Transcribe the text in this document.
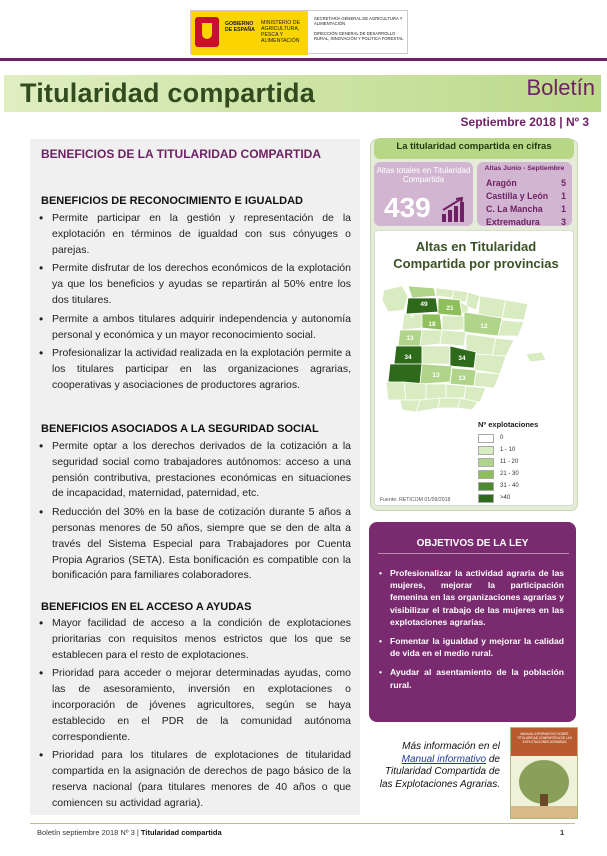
GOBIERNO DE ESPAÑA
MINISTERIO DE AGRICULTURA, PESCA Y ALIMENTACIÓN
SECRETARÍA GENERAL DE AGRICULTURA Y ALIMENTACIÓN
DIRECCIÓN GENERAL DE DESARROLLO RURAL, INNOVACIÓN Y POLÍTICA FORESTAL
Titularidad compartida	Boletín
Septiembre 2018 | Nº 3
BENEFICIOS DE LA TITULARIDAD COMPARTIDA
BENEFICIOS DE RECONOCIMIENTO E IGUALDAD
• Permite participar en la gestión y representación de la explotación en términos de igualdad con sus cónyuges o parejas.
• Permite disfrutar de los derechos económicos de la explotación ya que los beneficios y ayudas se repartirán al 50% entre los dos titulares.
• Permite a ambos titulares adquirir independencia y autonomía personal y económica y un mayor reconocimiento social.
• Profesionalizar la actividad realizada en la explotación permite a los titulares participar en las organizaciones agrarias, cooperativas y asociaciones de productores agrarios.
BENEFICIOS ASOCIADOS A LA SEGURIDAD SOCIAL
• Permite optar a los derechos derivados de la cotización a la seguridad social como trabajadores autónomos: acceso a una pensión contributiva, prestaciones económicas en situaciones de incapacidad, maternidad, paternidad, etc.
• Reducción del 30% en la base de cotización durante 5 años a personas menores de 50 años, siempre que se den de alta a través del Sistema Especial para Trabajadores por Cuenta Propia Agrarios (SETA). Esta bonificación es compatible con la bonificación para familiares colaboradores.
BENEFICIOS EN EL ACCESO A AYUDAS
• Mayor facilidad de acceso a la condición de explotaciones prioritarias con requisitos menos estrictos que los que se establecen para el resto de explotaciones.
• Prioridad para acceder o mejorar determinadas ayudas, como las de asesoramiento, inversión en explotaciones o incorporación de jóvenes agricultores, según se haya establecido en el PDR de la comunidad autónoma correspondiente.
• Prioridad para los titulares de explotaciones de titularidad compartida en la asignación de derechos de pago básico de la reserva nacional (para titulares menores de 40 años o que comiencen su actividad agraria).
La titularidad compartida en cifras
Altas totales en Titularidad Compartida
439
Altas Junio - Septiembre
Aragón	5
Castilla y León 1
C. La Mancha 1
Extremadura 3
Altas en Titularidad
Compartida por provincias
49
21
12
18
13
5
34	34
13	13
Nº explotaciones
0
1 - 10
11 - 20
21 - 30
31 - 40
>40
Fuente: RETICOM 01/09/2018
OBJETIVOS DE LA LEY
• Profesionalizar la actividad agraria de las mujeres, mejorar la participación femenina en las organizaciones agrarias y visibilizar el trabajo de las mujeres en las explotaciones agrarias.
• Fomentar la igualdad y mejorar la calidad de vida en el medio rural.
• Ayudar al asentamiento de la población rural.
Más información en el Manual informativo de Titularidad Compartida de las Explotaciones Agrarias.
MANUAL INFORMATIVO SOBRE TITULARIDAD COMPARTIDA DE LAS EXPLOTACIONES AGRARIAS
Boletín septiembre 2018 Nº 3 | Titularidad compartida	1
